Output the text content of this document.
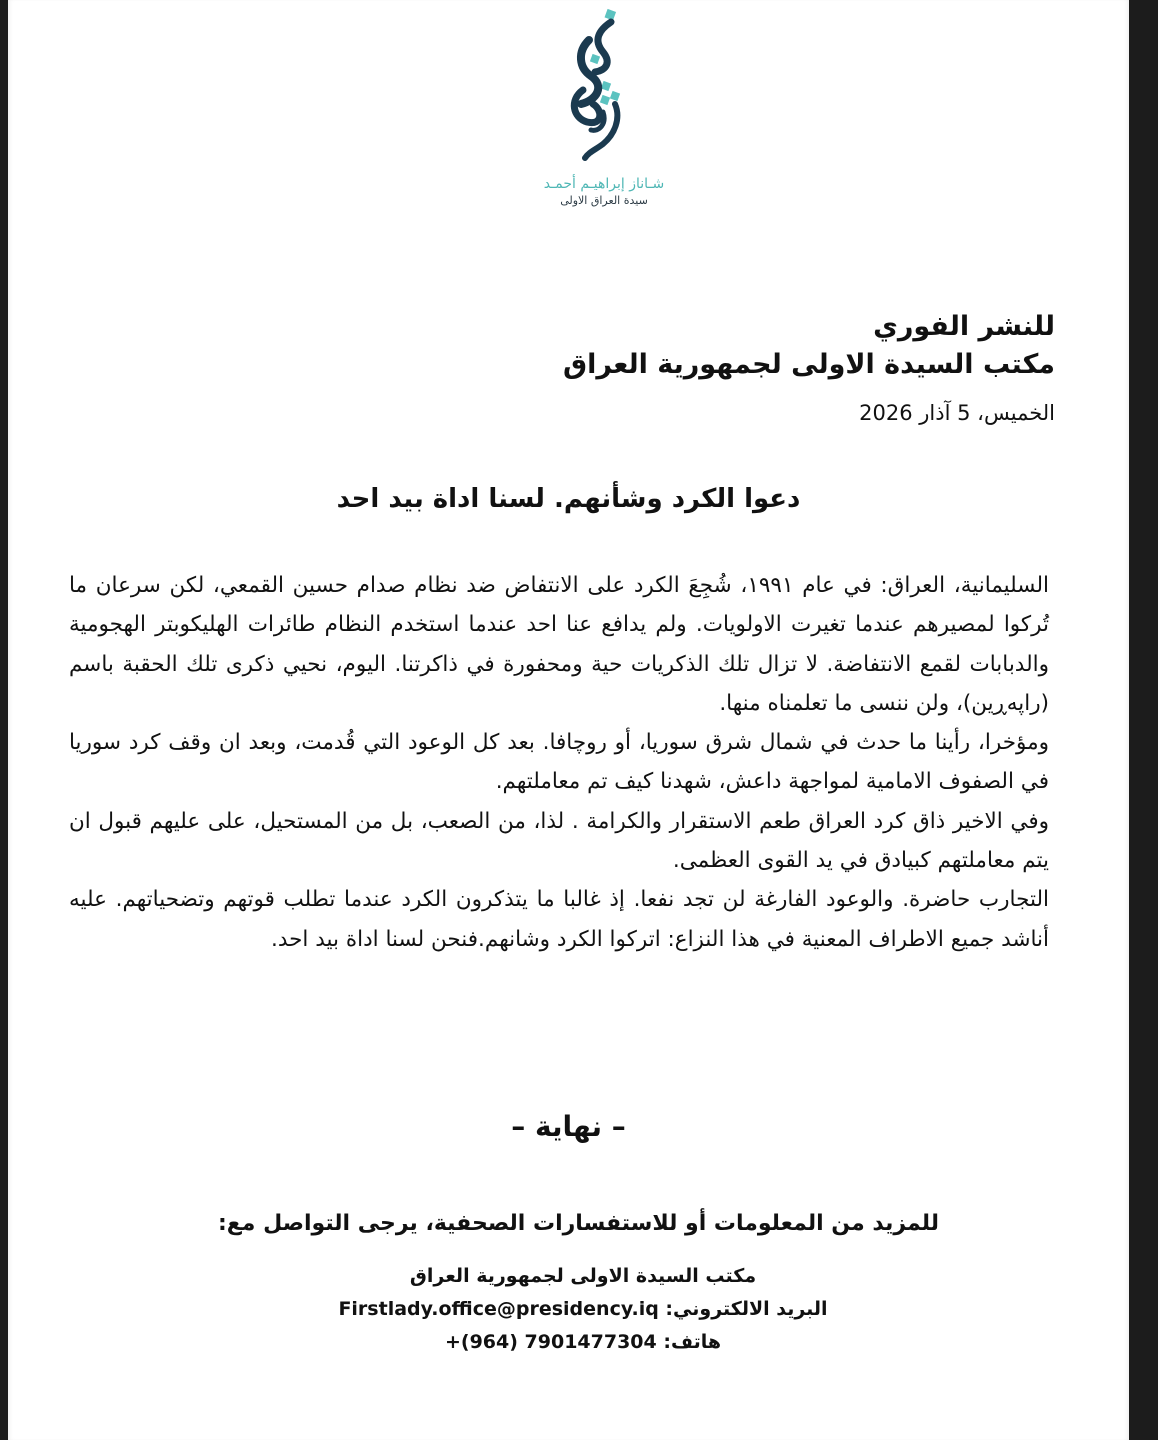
شـاناز إبراهيـم أحمـد
سيدة العراق الاولى
للنشر الفوري
مكتب السيدة الاولى لجمهورية العراق
الخميس، 5 آذار 2026
دعوا الكرد وشأنهم. لسنا اداة بيد احد

السليمانية، العراق: في عام ١٩٩١، شُجِعَ الكرد على الانتفاض ضد نظام صدام حسين القمعي، لكن سرعان ما تُركوا لمصيرهم عندما تغيرت الاولويات. ولم يدافع عنا احد عندما استخدم النظام طائرات الهليكوبتر الهجومية والدبابات لقمع الانتفاضة. لا تزال تلك الذكريات حية ومحفورة في ذاكرتنا. اليوم، نحيي ذكرى تلك الحقبة باسم (راپەڕین)، ولن ننسى ما تعلمناه منها.

ومؤخرا، رأينا ما حدث في شمال شرق سوريا، أو روچافا. بعد كل الوعود التي قُدمت، وبعد ان وقف كرد سوريا في الصفوف الامامية لمواجهة داعش، شهدنا كيف تم معاملتهم.

وفي الاخير ذاق كرد العراق طعم الاستقرار والكرامة . لذا، من الصعب، بل من المستحيل، على عليهم قبول ان يتم معاملتهم كبيادق في يد القوى العظمى.

التجارب حاضرة. والوعود الفارغة لن تجد نفعا. إذ غالبا ما يتذكرون الكرد عندما تطلب قوتهم وتضحياتهم. عليه أناشد جميع الاطراف المعنية في هذا النزاع: اتركوا الكرد وشانهم.فنحن لسنا اداة بيد احد.

– نهاية –
للمزيد من المعلومات أو للاستفسارات الصحفية، يرجى التواصل مع:
مكتب السيدة الاولى لجمهورية العراق
البريد الالكتروني: Firstlady.office@presidency.iq
هاتف: 7901477304 (964)+
